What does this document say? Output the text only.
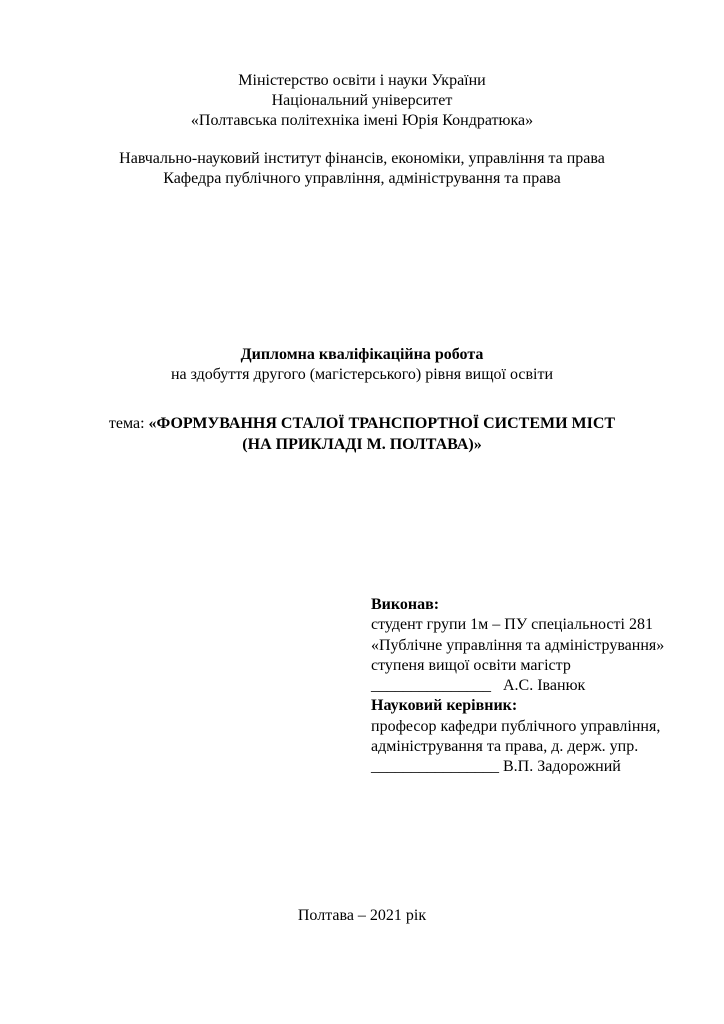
Міністерство освіти і науки України
Національний університет
«Полтавська політехніка імені Юрія Кондратюка»
Навчально-науковий інститут фінансів, економіки, управління та права
Кафедра публічного управління, адміністрування та права
Дипломна кваліфікаційна робота
на здобуття другого (магістерського) рівня вищої освіти
тема: «ФОРМУВАННЯ СТАЛОЇ ТРАНСПОРТНОЇ СИСТЕМИ МІСТ
(НА ПРИКЛАДІ М. ПОЛТАВА)»
Виконав:
студент групи 1м – ПУ спеціальності 281
«Публічне управління та адміністрування»
ступеня вищої освіти магістр
_______________ А.С. Іванюк
Науковий керівник:
професор кафедри публічного управління,
адміністрування та права, д. держ. упр.
________________ В.П. Задорожний
Полтава – 2021 рік
